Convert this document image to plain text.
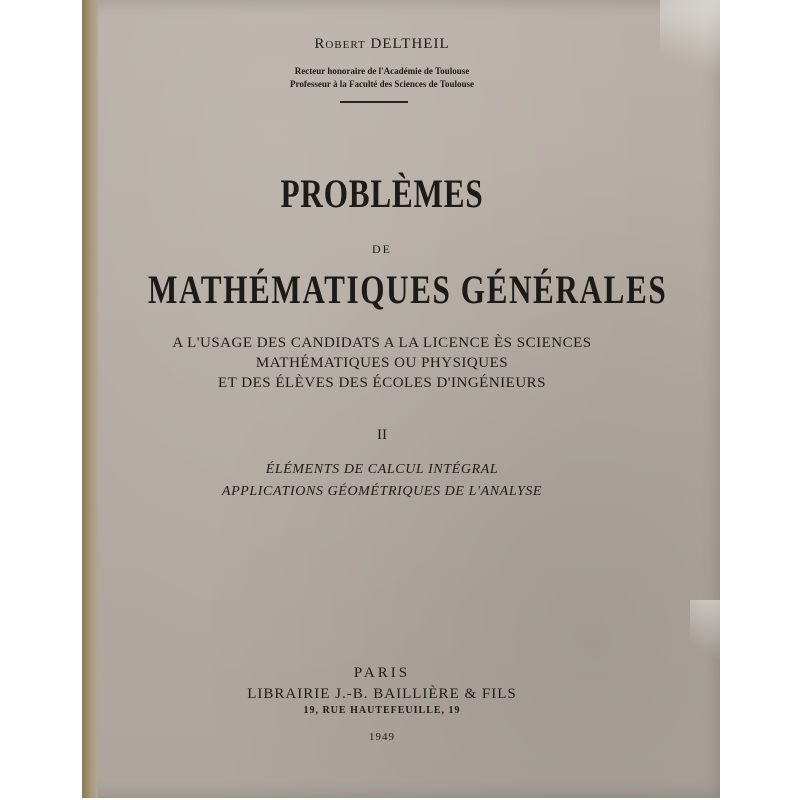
Robert DELTHEIL
Recteur honoraire de l'Académie de Toulouse
Professeur à la Faculté des Sciences de Toulouse
PROBLÈMES
DE
MATHÉMATIQUES GÉNÉRALES
A L'USAGE DES CANDIDATS A LA LICENCE ÈS SCIENCES
MATHÉMATIQUES OU PHYSIQUES
ET DES ÉLÈVES DES ÉCOLES D'INGÉNIEURS
II
ÉLÉMENTS DE CALCUL INTÉGRAL
APPLICATIONS GÉOMÉTRIQUES DE L'ANALYSE
PARIS
LIBRAIRIE J.-B. BAILLIÈRE & FILS
19, RUE HAUTEFEUILLE, 19
1949
